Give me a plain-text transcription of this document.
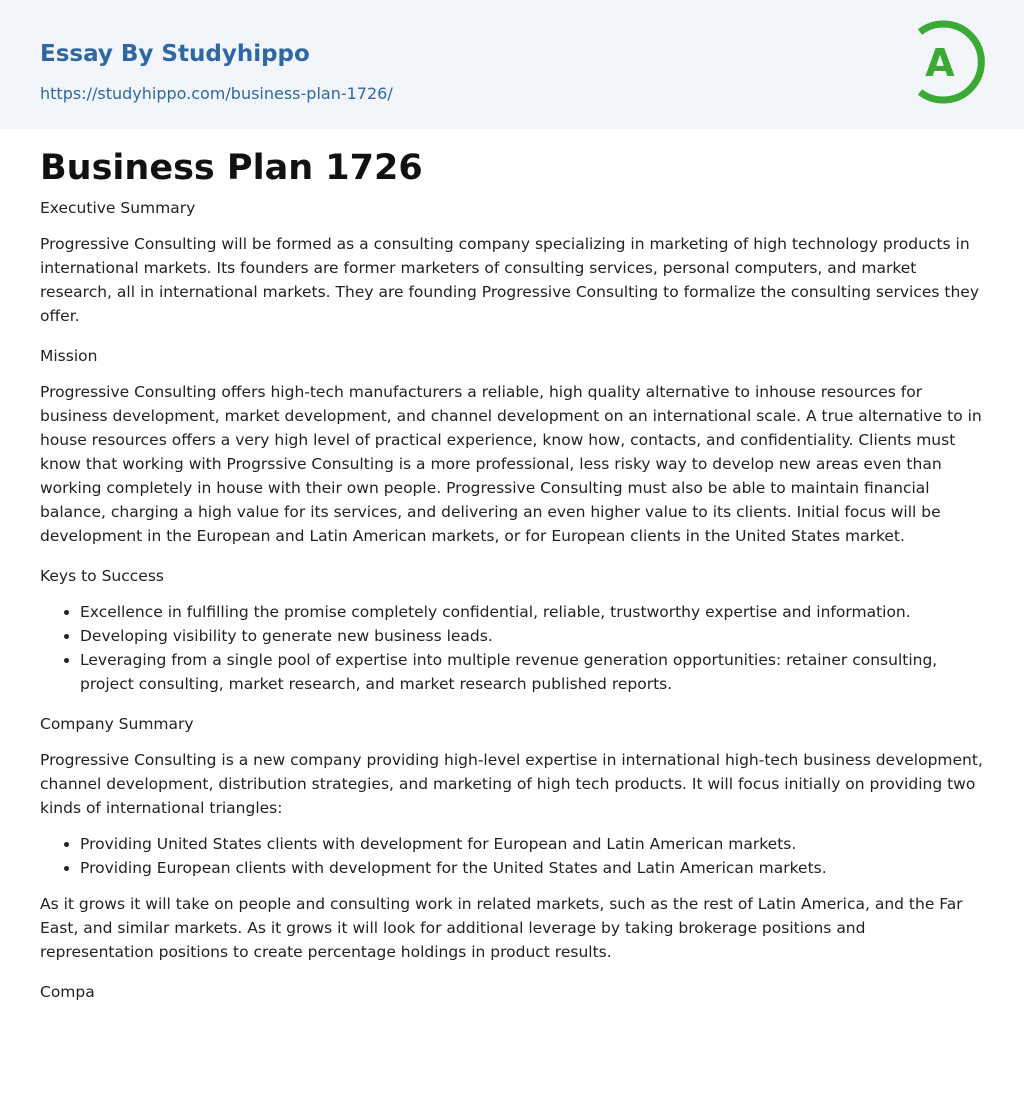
Essay By Studyhippo
https://studyhippo.com/business-plan-1726/
A
Business Plan 1726
Executive Summary

Progressive Consulting will be formed as a consulting company specializing in marketing of high technology products in international markets. Its founders are former marketers of consulting services, personal computers, and market research, all in international markets. They are founding Progressive Consulting to formalize the consulting services they offer.

Mission

Progressive Consulting offers high-tech manufacturers a reliable, high quality alternative to inhouse resources for business development, market development, and channel development on an international scale. A true alternative to in house resources offers a very high level of practical experience, know how, contacts, and confidentiality. Clients must know that working with Progrssive Consulting is a more professional, less risky way to develop new areas even than working completely in house with their own people. Progressive Consulting must also be able to maintain financial balance, charging a high value for its services, and delivering an even higher value to its clients. Initial focus will be development in the European and Latin American markets, or for European clients in the United States market.

Keys to Success
• Excellence in fulfilling the promise completely confidential, reliable, trustworthy expertise and information.
• Developing visibility to generate new business leads.
• Leveraging from a single pool of expertise into multiple revenue generation opportunities: retainer consulting, project consulting, market research, and market research published reports.
Company Summary

Progressive Consulting is a new company providing high-level expertise in international high-tech business development, channel development, distribution strategies, and marketing of high tech products. It will focus initially on providing two kinds of international triangles:

• Providing United States clients with development for European and Latin American markets.
• Providing European clients with development for the United States and Latin American markets.

As it grows it will take on people and consulting work in related markets, such as the rest of Latin America, and the Far East, and similar markets. As it grows it will look for additional leverage by taking brokerage positions and representation positions to create percentage holdings in product results.

Compa
